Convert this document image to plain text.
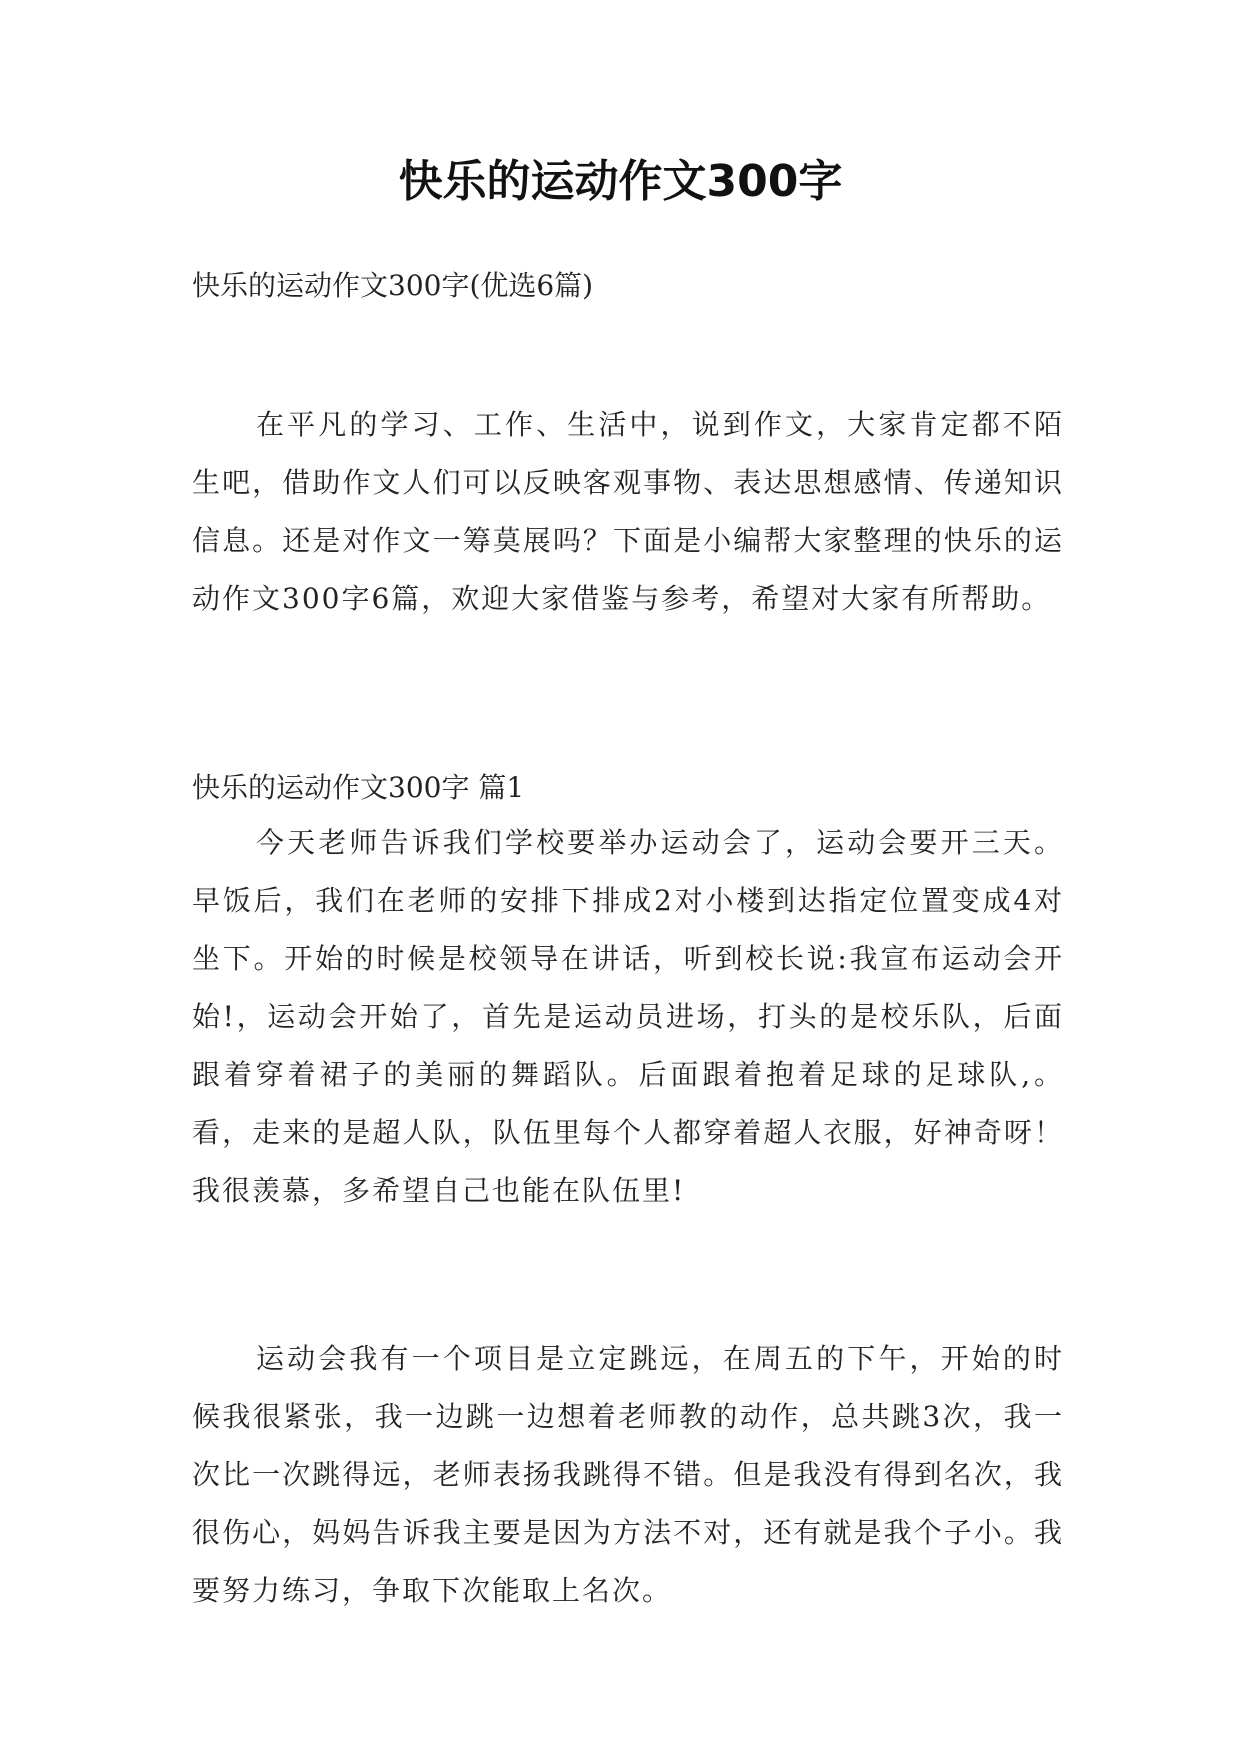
快乐的运动作文300字
快乐的运动作文300字(优选6篇)

在平凡的学习、工作、生活中，说到作文，大家肯定都不陌生吧，借助作文人们可以反映客观事物、表达思想感情、传递知识信息。还是对作文一筹莫展吗？下面是小编帮大家整理的快乐的运动作文300字6篇，欢迎大家借鉴与参考，希望对大家有所帮助。

快乐的运动作文300字 篇1

今天老师告诉我们学校要举办运动会了，运动会要开三天。早饭后，我们在老师的安排下排成2对小楼到达指定位置变成4对坐下。开始的时候是校领导在讲话，听到校长说:我宣布运动会开始!，运动会开始了，首先是运动员进场，打头的是校乐队，后面跟着穿着裙子的美丽的舞蹈队。后面跟着抱着足球的足球队,。看，走来的是超人队，队伍里每个人都穿着超人衣服，好神奇呀！我很羡慕，多希望自己也能在队伍里!

运动会我有一个项目是立定跳远，在周五的下午，开始的时候我很紧张，我一边跳一边想着老师教的动作，总共跳3次，我一次比一次跳得远，老师表扬我跳得不错。但是我没有得到名次，我很伤心，妈妈告诉我主要是因为方法不对，还有就是我个子小。我要努力练习，争取下次能取上名次。
